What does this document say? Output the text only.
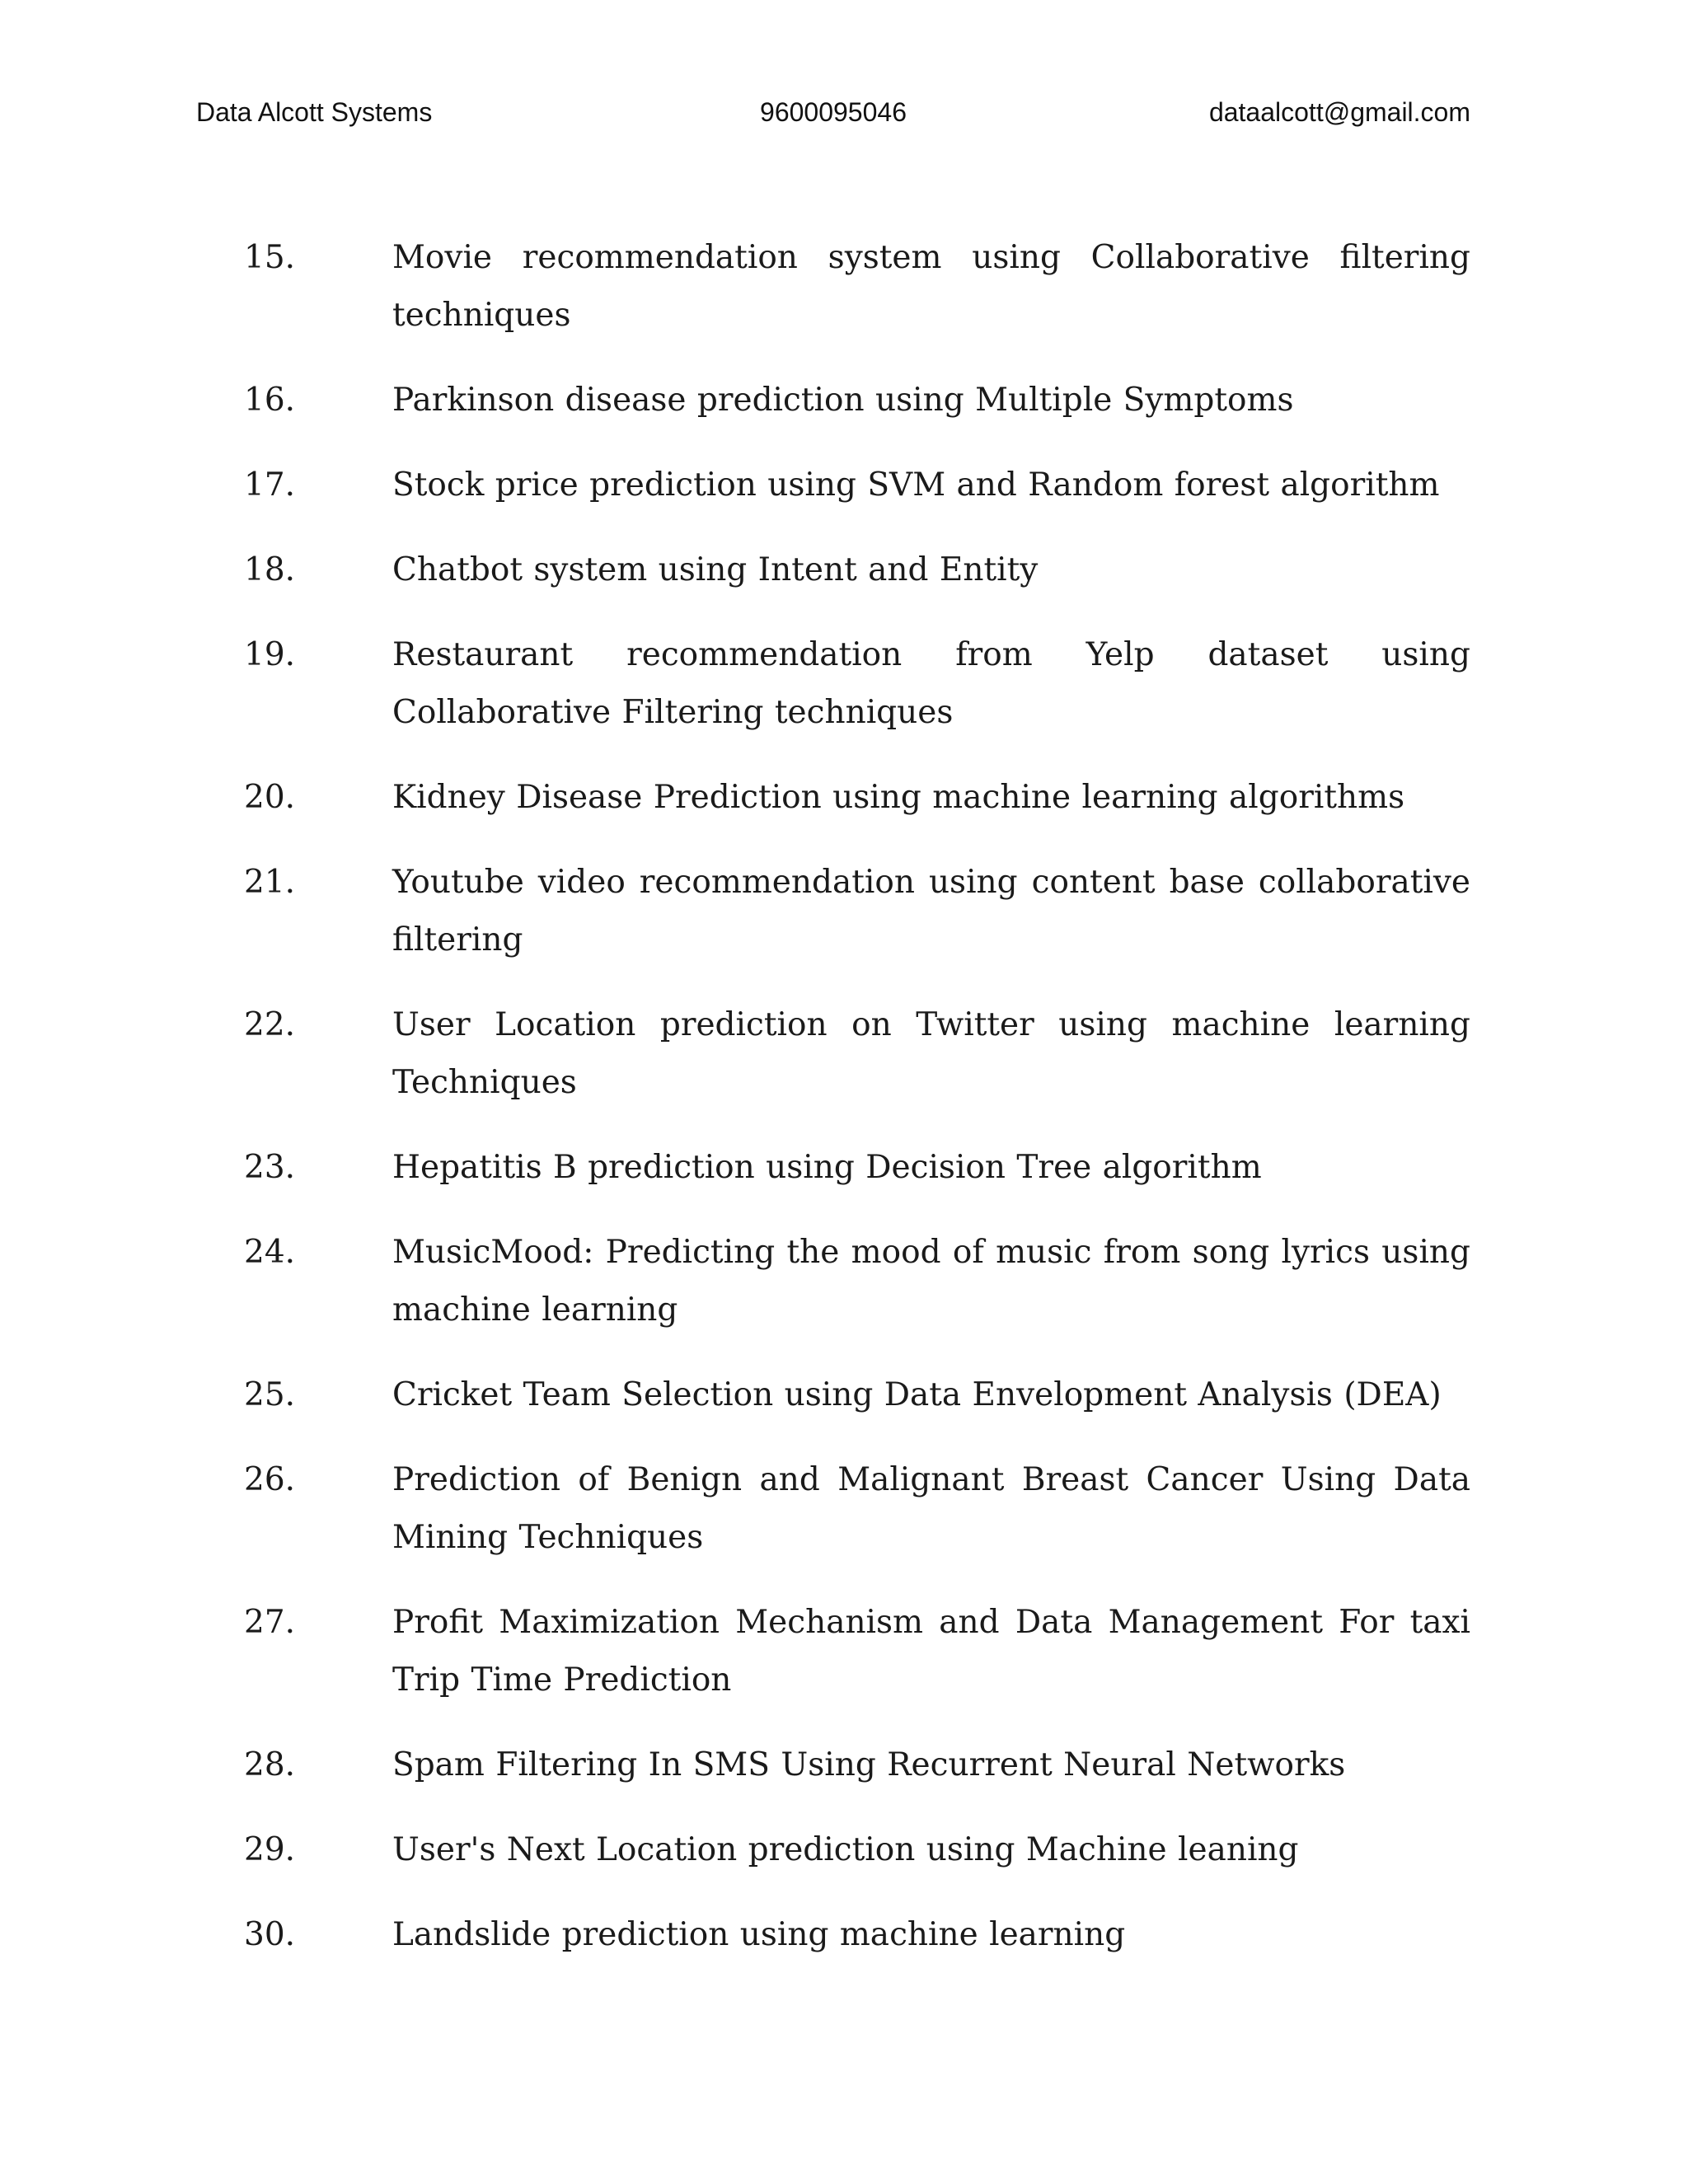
Data Alcott Systems	9600095046	dataalcott@gmail.com
15.	Movie recommendation system using Collaborative filtering techniques
16.	Parkinson disease prediction using Multiple Symptoms
17.	Stock price prediction using SVM and Random forest algorithm
18.	Chatbot system using Intent and Entity
19.	Restaurant recommendation from Yelp dataset using Collaborative Filtering techniques
20.	Kidney Disease Prediction using machine learning algorithms
21.	Youtube video recommendation using content base collaborative filtering
22.	User Location prediction on Twitter using machine learning Techniques
23.	Hepatitis B prediction using Decision Tree algorithm
24.	MusicMood: Predicting the mood of music from song lyrics using machine learning
25.	Cricket Team Selection using Data Envelopment Analysis (DEA)
26.	Prediction of Benign and Malignant Breast Cancer Using Data Mining Techniques
27.	Profit Maximization Mechanism and Data Management For taxi Trip Time Prediction
28.	Spam Filtering In SMS Using Recurrent Neural Networks
29.	User's Next Location prediction using Machine leaning
30.	Landslide prediction using machine learning
